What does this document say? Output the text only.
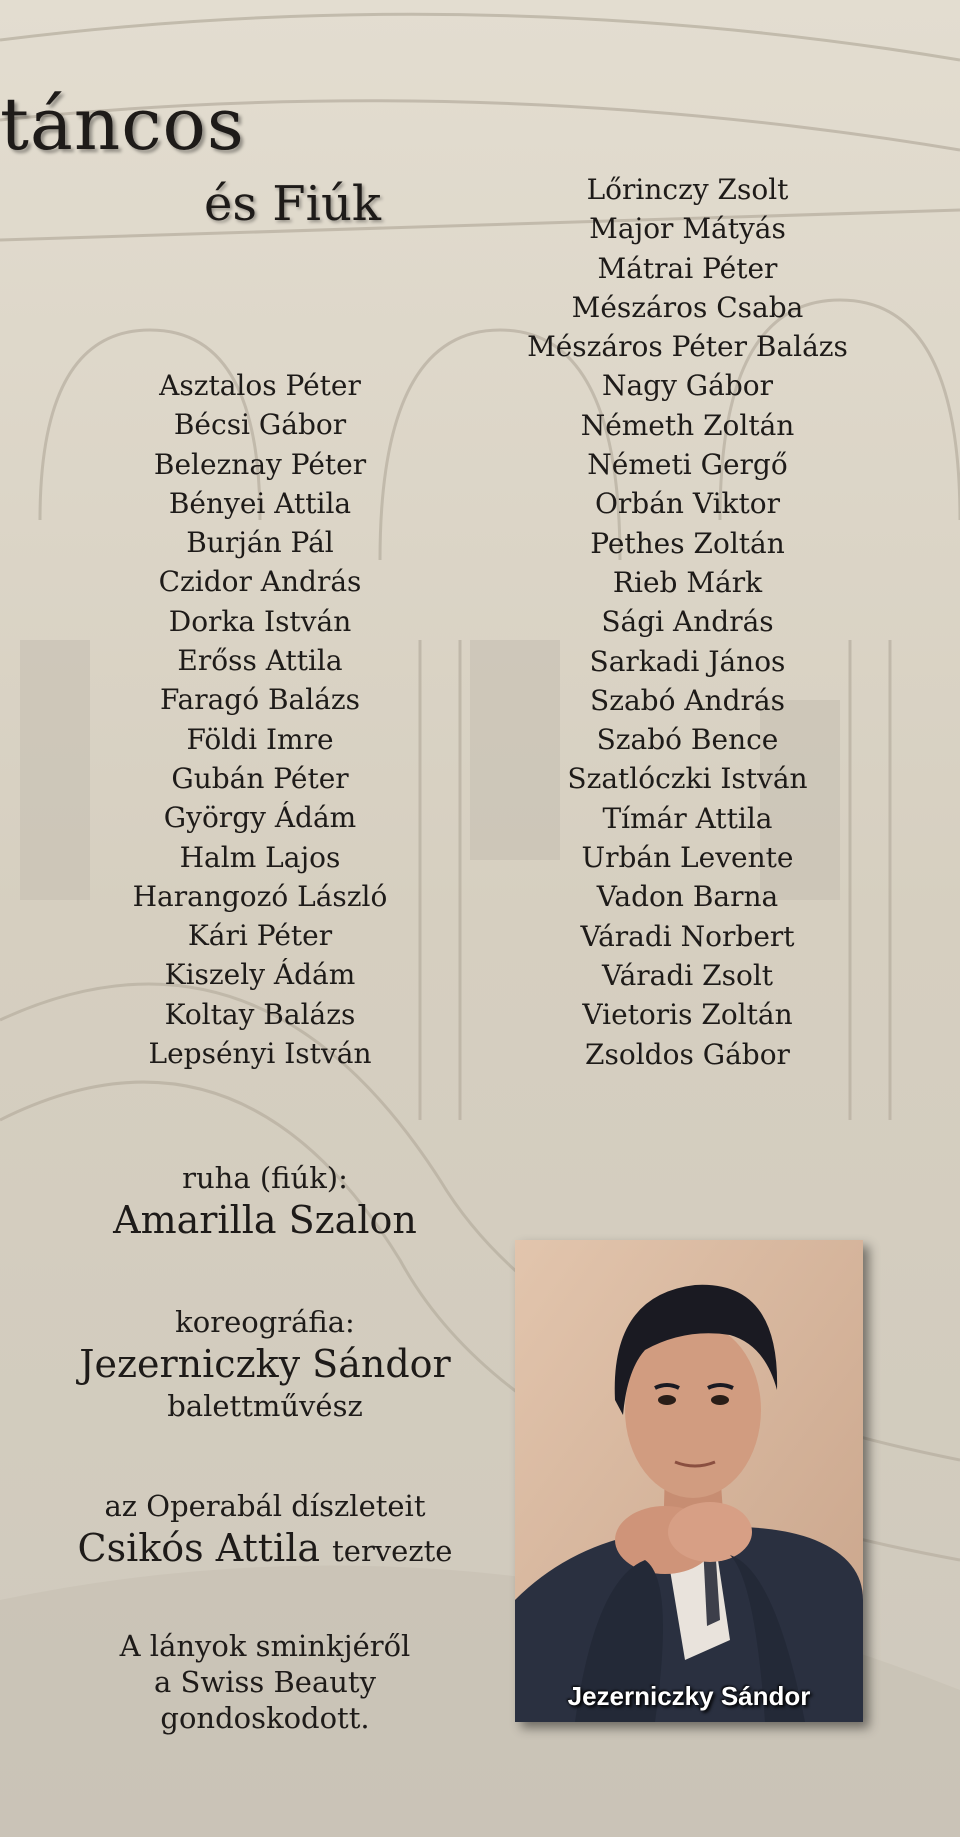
táncos
és Fiúk
Asztalos Péter
Bécsi Gábor
Beleznay Péter
Bényei Attila
Burján Pál
Czidor András
Dorka István
Erőss Attila
Faragó Balázs
Földi Imre
Gubán Péter
György Ádám
Halm Lajos
Harangozó László
Kári Péter
Kiszely Ádám
Koltay Balázs
Lepsényi István
Lőrinczy Zsolt
Major Mátyás
Mátrai Péter
Mészáros Csaba
Mészáros Péter Balázs
Nagy Gábor
Németh Zoltán
Németi Gergő
Orbán Viktor
Pethes Zoltán
Rieb Márk
Sági András
Sarkadi János
Szabó András
Szabó Bence
Szatlóczki István
Tímár Attila
Urbán Levente
Vadon Barna
Váradi Norbert
Váradi Zsolt
Vietoris Zoltán
Zsoldos Gábor
ruha (fiúk):
Amarilla Szalon
koreográfia:
Jezerniczky Sándor
balettművész
az Operabál díszleteit
Csikós Attila tervezte
A lányok sminkjéről
a Swiss Beauty
gondoskodott.
Jezerniczky Sándor
